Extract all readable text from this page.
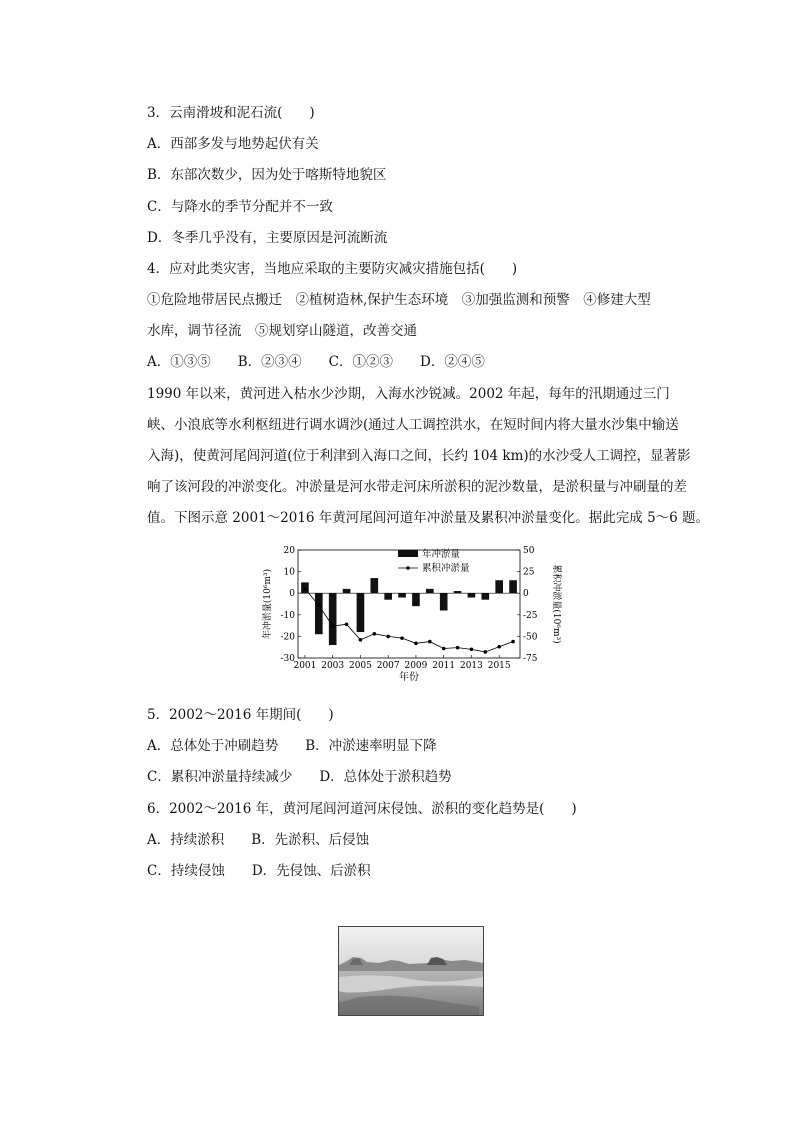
3．云南滑坡和泥石流(　　)
A．西部多发与地势起伏有关
B．东部次数少，因为处于喀斯特地貌区
C．与降水的季节分配并不一致
D．冬季几乎没有，主要原因是河流断流
4．应对此类灾害，当地应采取的主要防灾减灾措施包括(　　)
①危险地带居民点搬迁　②植树造林,保护生态环境　③加强监测和预警　④修建大型
水库，调节径流　⑤规划穿山隧道，改善交通
A．①③⑤　　B．②③④　　C．①②③　　D．②④⑤
1990 年以来，黄河进入枯水少沙期，入海水沙锐减。2002 年起，每年的汛期通过三门
峡、小浪底等水利枢纽进行调水调沙(通过人工调控洪水，在短时间内将大量水沙集中输送
入海)，使黄河尾闾河道(位于利津到入海口之间，长约 104 km)的水沙受人工调控，显著影
响了该河段的冲淤变化。冲淤量是河水带走河床所淤积的泥沙数量，是淤积量与冲刷量的差
值。下图示意 2001～2016 年黄河尾闾河道年冲淤量及累积冲淤量变化。据此完成 5～6 题。
20
10
0
-10
-20
-30
50
25
0
-25
-50
-75
2001 2003 2005 2007 2009 2011 2013 2015
年份
年冲淤量(10⁶m³)	累积冲淤量(10⁶m³)
年冲淤量
累积冲淤量
5．2002～2016 年期间(　　)
A．总体处于冲刷趋势　　B．冲淤速率明显下降
C．累积冲淤量持续减少　　D．总体处于淤积趋势
6．2002～2016 年，黄河尾闾河道河床侵蚀、淤积的变化趋势是(　　)
A．持续淤积　　B．先淤积、后侵蚀
C．持续侵蚀　　D．先侵蚀、后淤积
